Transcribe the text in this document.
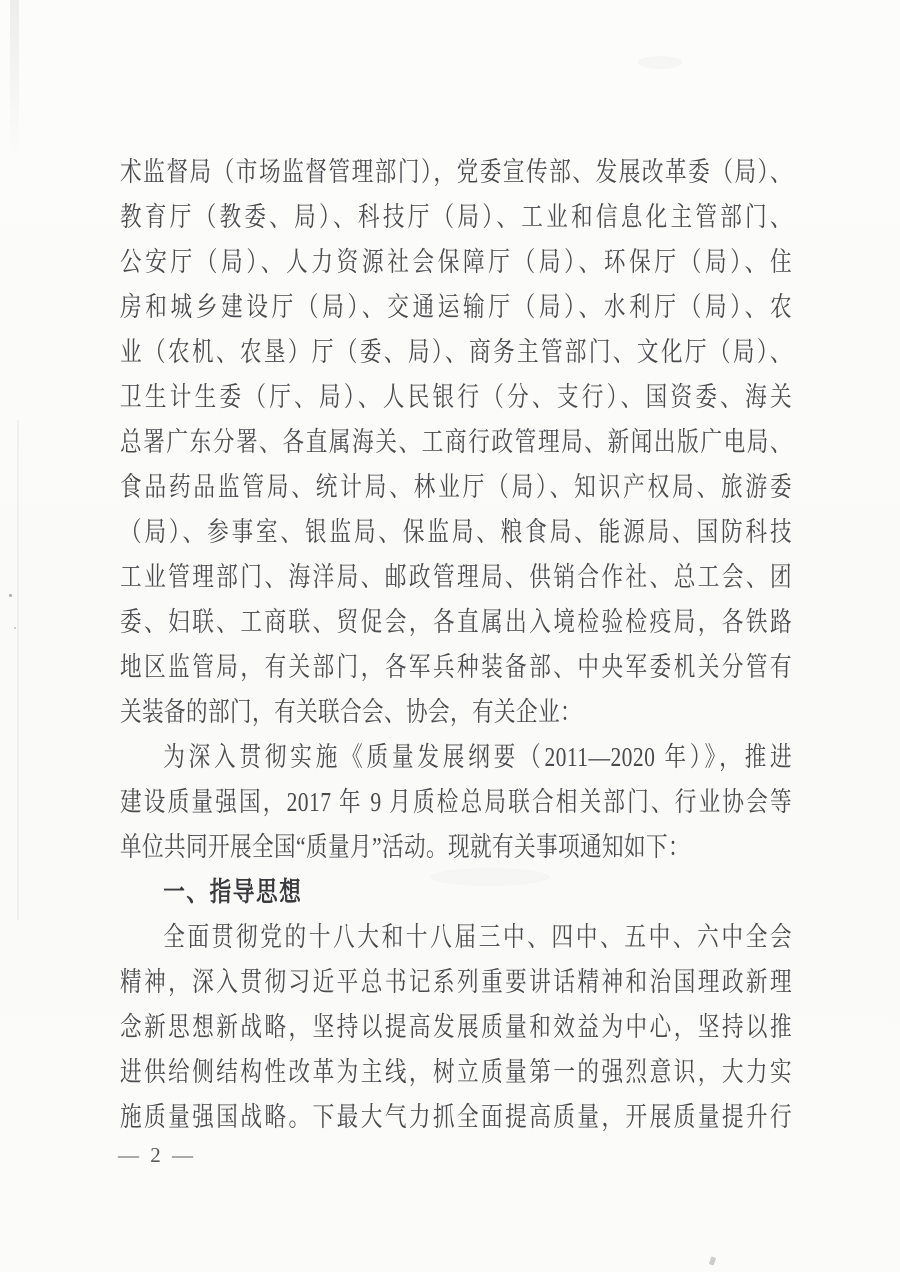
术监督局（市场监督管理部门），党委宣传部、发展改革委（局）、
教育厅（教委、局）、科技厅（局）、工业和信息化主管部门、
公安厅（局）、人力资源社会保障厅（局）、环保厅（局）、住
房和城乡建设厅（局）、交通运输厅（局）、水利厅（局）、农
业（农机、农垦）厅（委、局）、商务主管部门、文化厅（局）、
卫生计生委（厅、局）、人民银行（分、支行）、国资委、海关
总署广东分署、各直属海关、工商行政管理局、新闻出版广电局、
食品药品监管局、统计局、林业厅（局）、知识产权局、旅游委
（局）、参事室、银监局、保监局、粮食局、能源局、国防科技
工业管理部门、海洋局、邮政管理局、供销合作社、总工会、团
委、妇联、工商联、贸促会，各直属出入境检验检疫局，各铁路
地区监管局，有关部门，各军兵种装备部、中央军委机关分管有
关装备的部门，有关联合会、协会，有关企业：
为深入贯彻实施《质量发展纲要（2011—2020 年）》，推进
建设质量强国，2017 年 9 月质检总局联合相关部门、行业协会等
单位共同开展全国“质量月”活动。现就有关事项通知如下：
一、指导思想
全面贯彻党的十八大和十八届三中、四中、五中、六中全会
精神，深入贯彻习近平总书记系列重要讲话精神和治国理政新理
念新思想新战略，坚持以提高发展质量和效益为中心，坚持以推
进供给侧结构性改革为主线，树立质量第一的强烈意识，大力实
施质量强国战略。下最大气力抓全面提高质量，开展质量提升行
— 2 —
